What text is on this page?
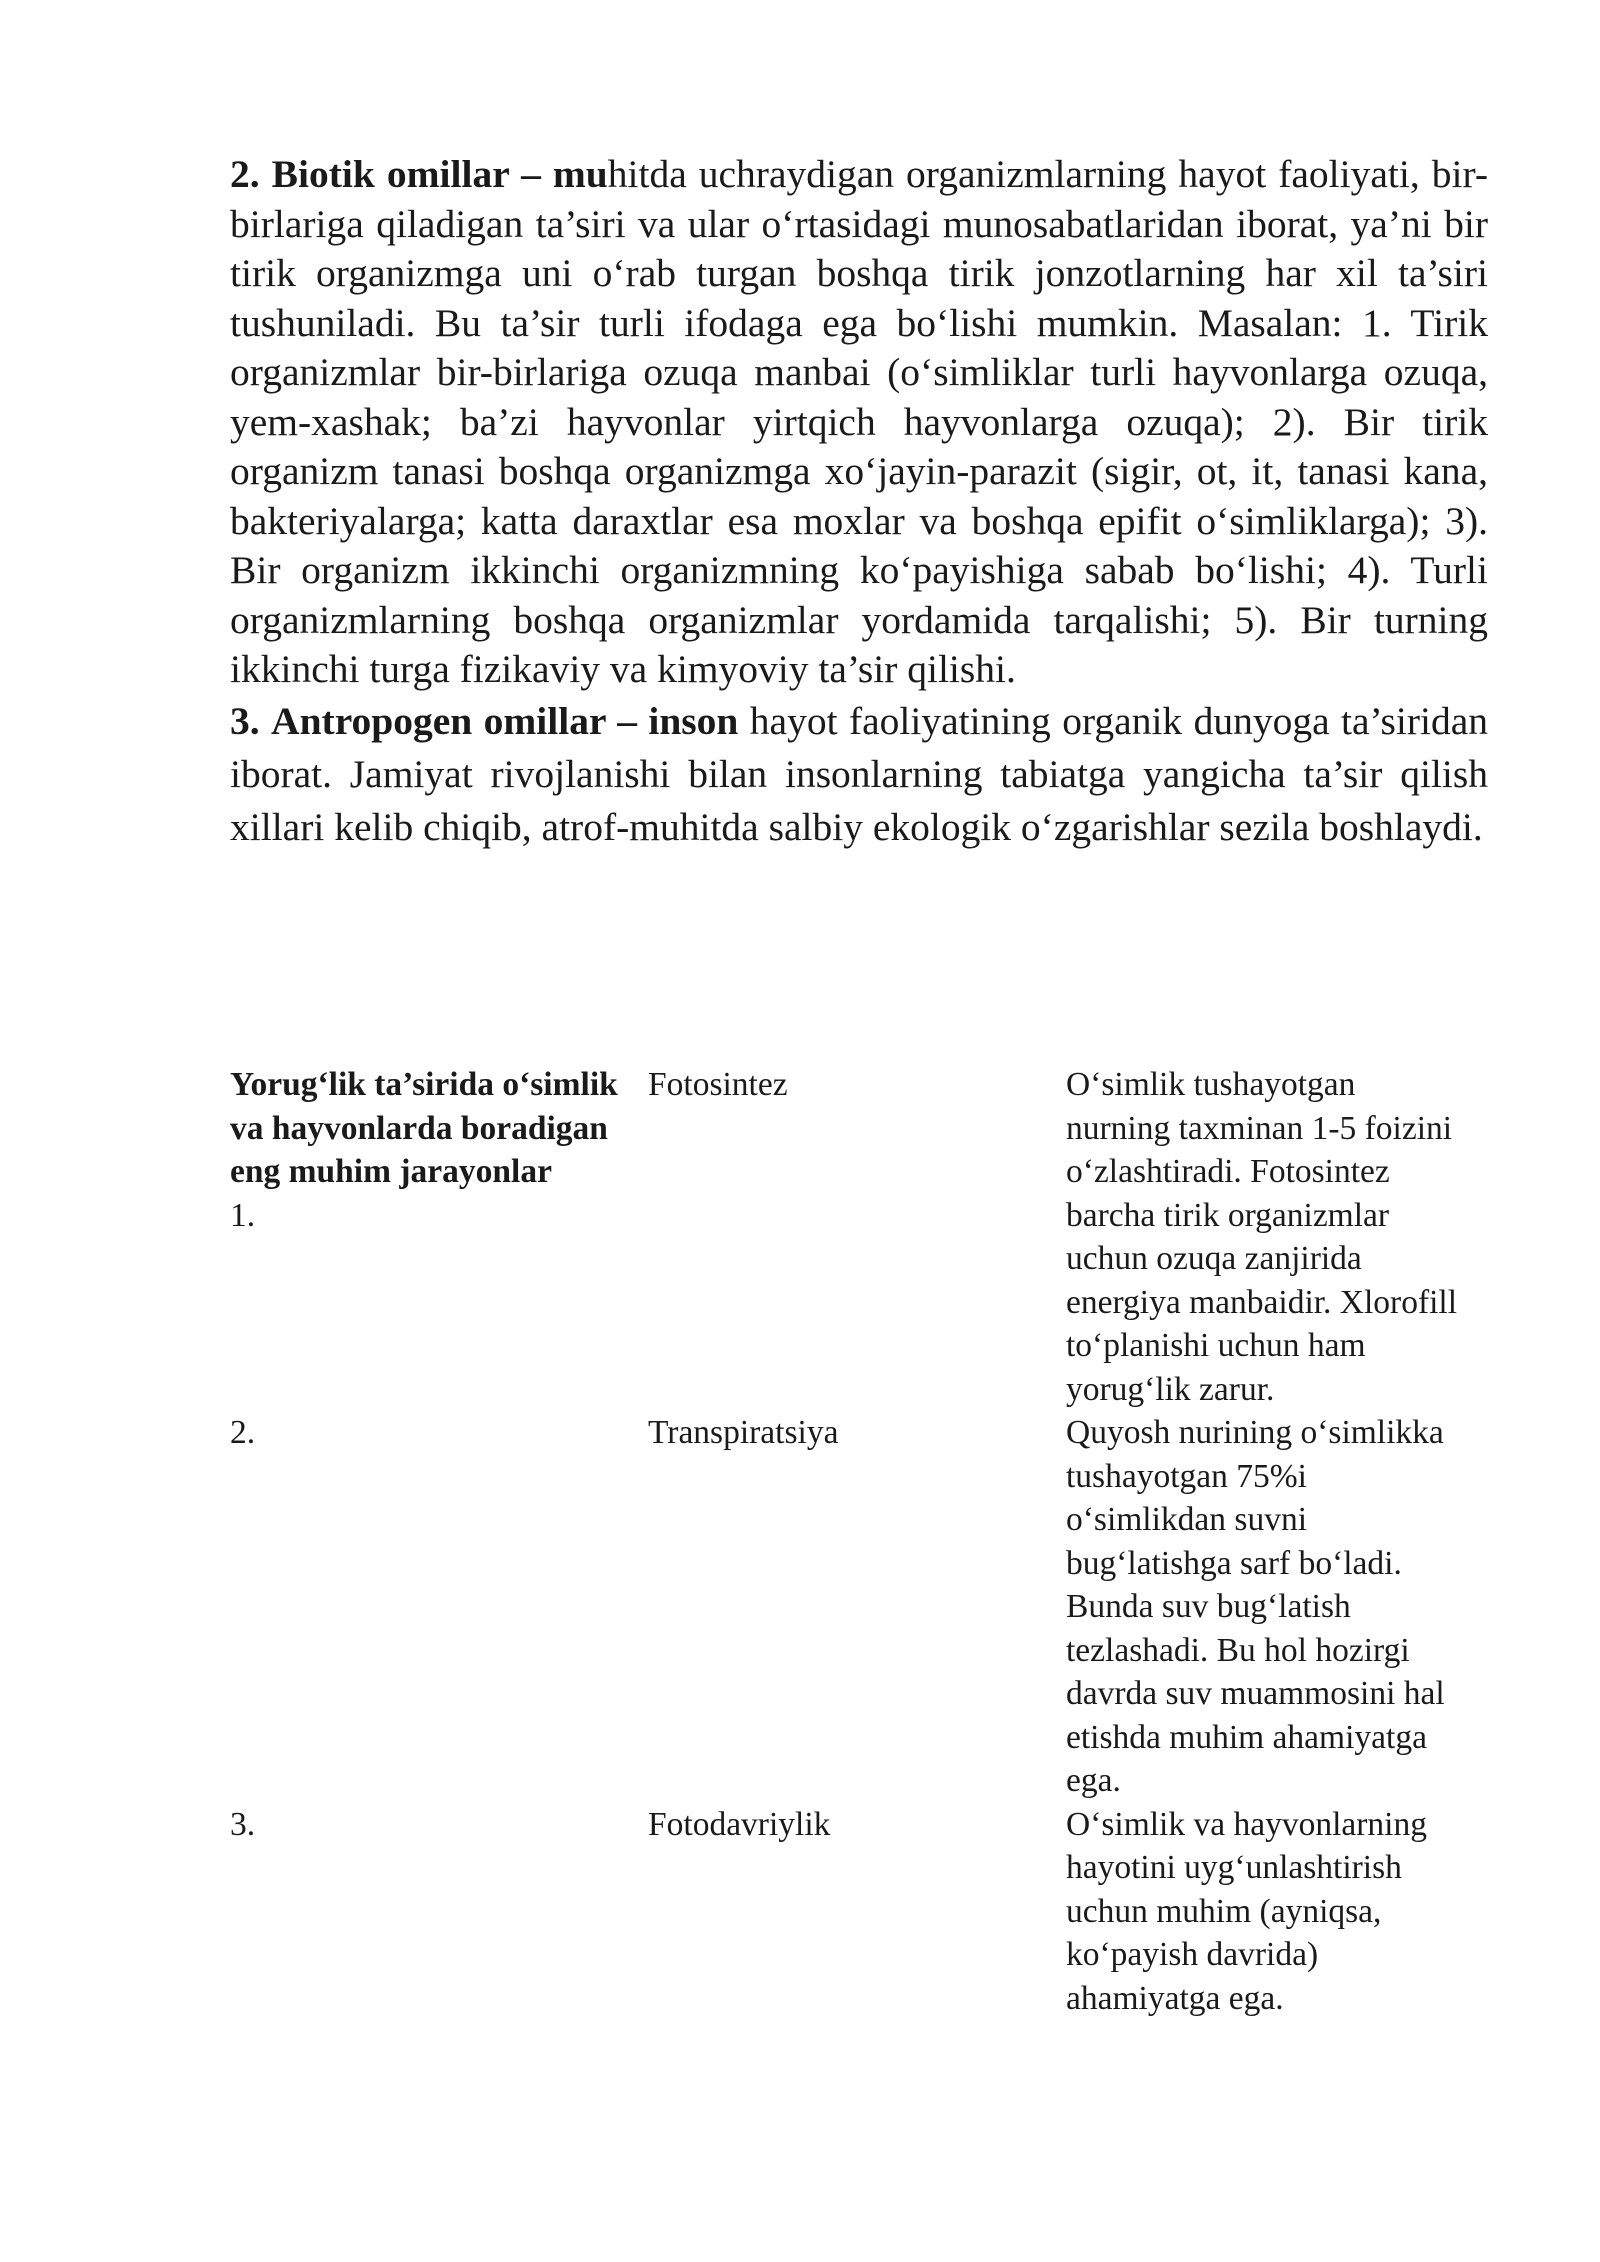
2. Biotik omillar – muhitda uchraydigan organizmlarning hayot faoliyati, bir-birlariga qiladigan ta’siri va ular o‘rtasidagi munosabatlaridan iborat, ya’ni bir tirik organizmga uni o‘rab turgan boshqa tirik jonzotlarning har xil ta’siri tushuniladi. Bu ta’sir turli ifodaga ega bo‘lishi mumkin. Masalan: 1. Tirik organizmlar bir-birlariga ozuqa manbai (o‘simliklar turli hayvonlarga ozuqa, yem-xashak; ba’zi hayvonlar yirtqich hayvonlarga ozuqa); 2). Bir tirik organizm tanasi boshqa organizmga xo‘jayin-parazit (sigir, ot, it, tanasi kana, bakteriyalarga; katta daraxtlar esa moxlar va boshqa epifit o‘simliklarga); 3). Bir organizm ikkinchi organizmning ko‘payishiga sabab bo‘lishi; 4). Turli organizmlarning boshqa organizmlar yordamida tarqalishi; 5). Bir turning ikkinchi turga fizikaviy va kimyoviy ta’sir qilishi.

3. Antropogen omillar – inson hayot faoliyatining organik dunyoga ta’siridan iborat. Jamiyat rivojlanishi bilan insonlarning tabiatga yangicha ta’sir qilish xillari kelib chiqib, atrof-muhitda salbiy ekologik o‘zgarishlar sezila boshlaydi.

Yorug‘lik ta’sirida o‘simlik va hayvonlarda boradigan eng muhim jarayonlar
1.	Fotosintez	O‘simlik tushayotgan nurning taxminan 1-5 foizini o‘zlashtiradi. Fotosintez barcha tirik organizmlar uchun ozuqa zanjirida energiya manbaidir. Xlorofill to‘planishi uchun ham yorug‘lik zarur.
2.	Transpiratsiya	Quyosh nurining o‘simlikka tushayotgan 75%i o‘simlikdan suvni bug‘latishga sarf bo‘ladi. Bunda suv bug‘latish tezlashadi. Bu hol hozirgi davrda suv muammosini hal etishda muhim ahamiyatga ega.
3.	Fotodavriylik	O‘simlik va hayvonlarning hayotini uyg‘unlashtirish uchun muhim (ayniqsa, ko‘payish davrida) ahamiyatga ega.
